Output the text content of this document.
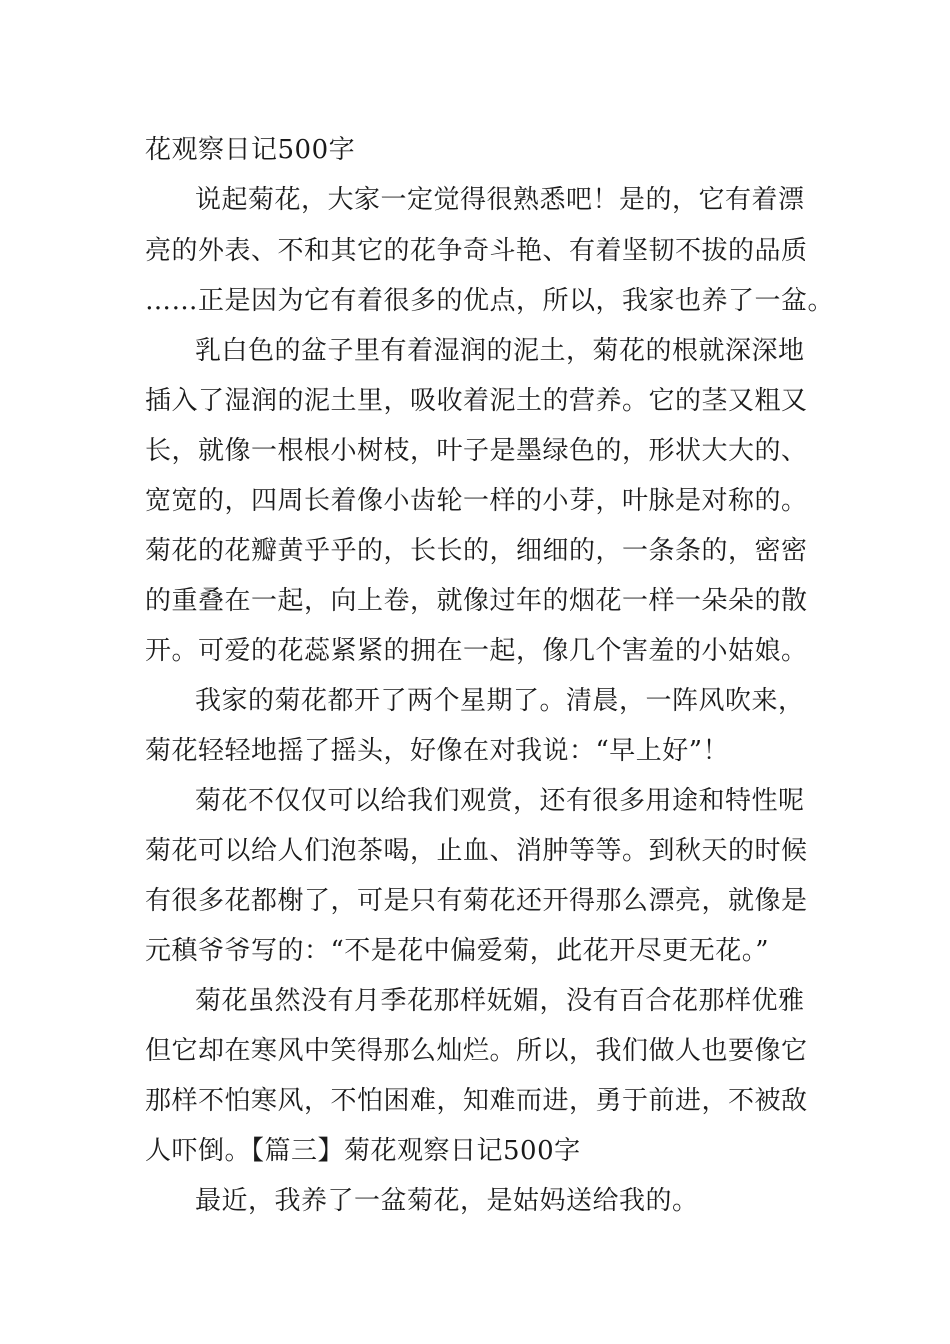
花观察日记500字

说起菊花，大家一定觉得很熟悉吧！是的，它有着漂

亮的外表、不和其它的花争奇斗艳、有着坚韧不拔的品质

……正是因为它有着很多的优点，所以，我家也养了一盆。

乳白色的盆子里有着湿润的泥土，菊花的根就深深地

插入了湿润的泥土里，吸收着泥土的营养。它的茎又粗又

长，就像一根根小树枝，叶子是墨绿色的，形状大大的、

宽宽的，四周长着像小齿轮一样的小芽，叶脉是对称的。

菊花的花瓣黄乎乎的，长长的，细细的，一条条的，密密

的重叠在一起，向上卷，就像过年的烟花一样一朵朵的散

开。可爱的花蕊紧紧的拥在一起，像几个害羞的小姑娘。

我家的菊花都开了两个星期了。清晨，一阵风吹来，

菊花轻轻地摇了摇头，好像在对我说：“早上好”！

菊花不仅仅可以给我们观赏，还有很多用途和特性呢

菊花可以给人们泡茶喝，止血、消肿等等。到秋天的时候

有很多花都榭了，可是只有菊花还开得那么漂亮，就像是

元稹爷爷写的：“不是花中偏爱菊，此花开尽更无花。”

菊花虽然没有月季花那样妩媚，没有百合花那样优雅

但它却在寒风中笑得那么灿烂。所以，我们做人也要像它

那样不怕寒风，不怕困难，知难而进，勇于前进，不被敌

人吓倒。【篇三】菊花观察日记500字

最近，我养了一盆菊花，是姑妈送给我的。
